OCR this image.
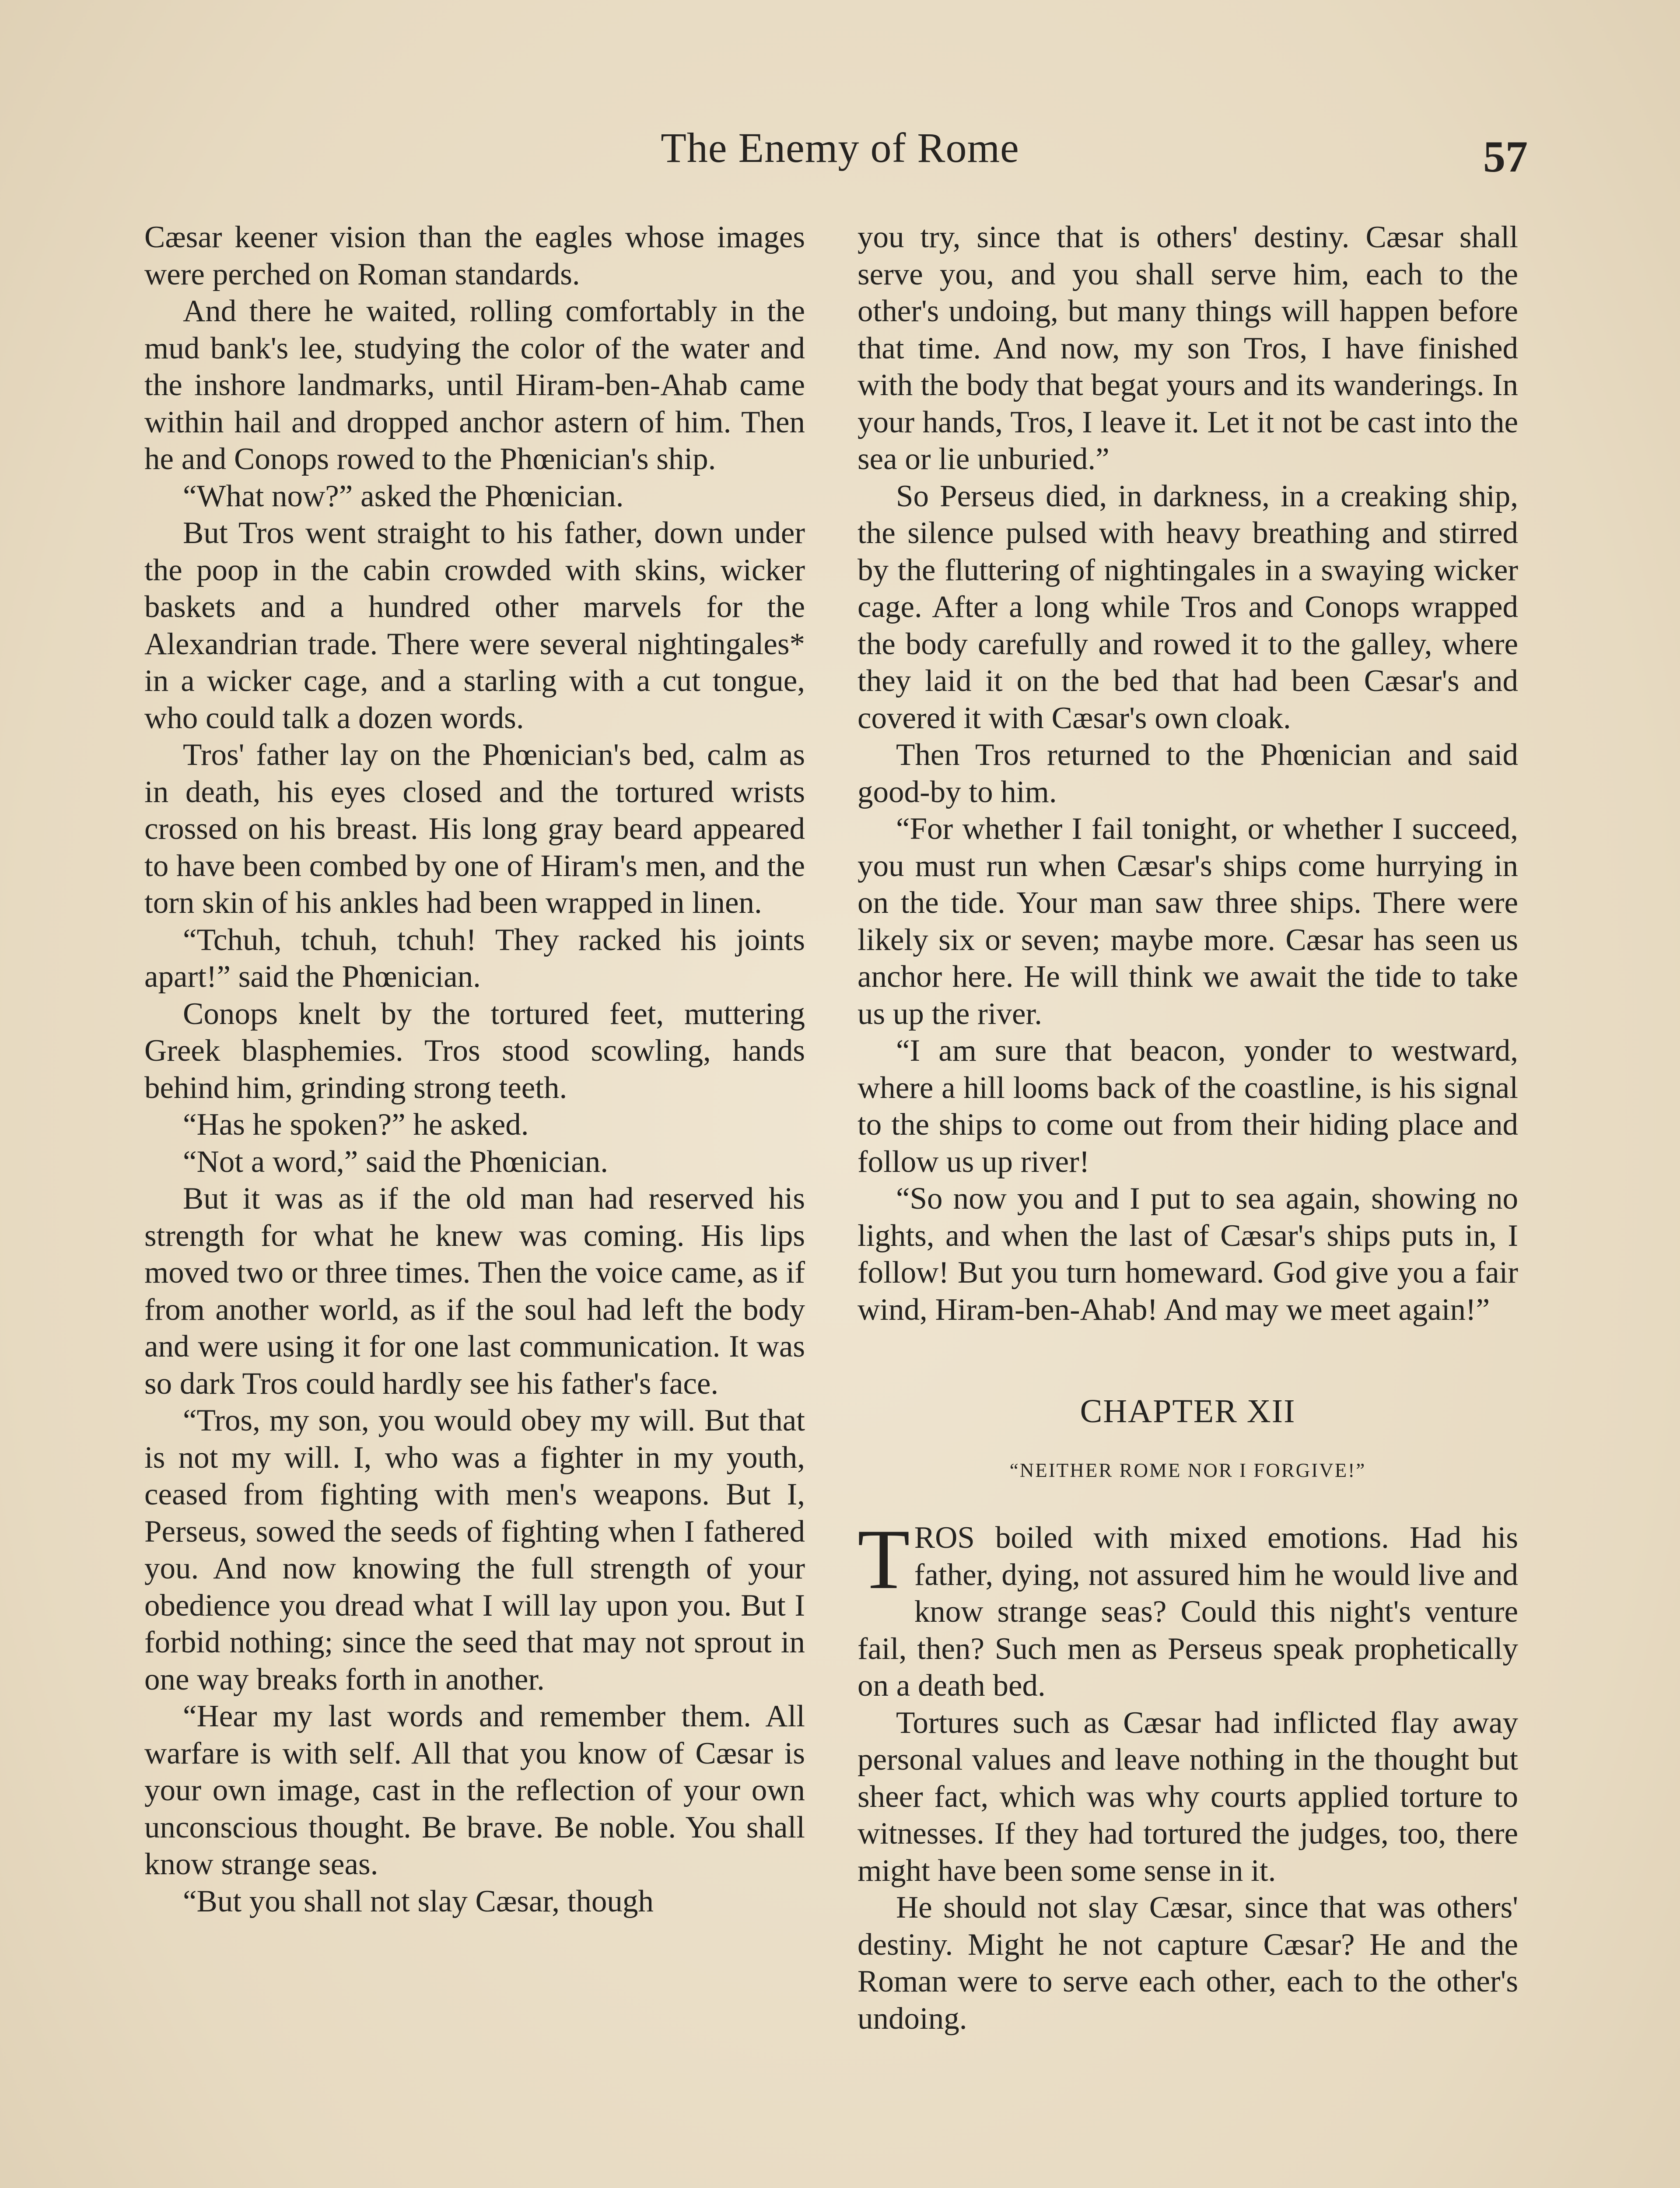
The Enemy of Rome	57

Cæsar keener vision than the eagles whose images were perched on Roman standards.

And there he waited, rolling comfortably in the mud bank's lee, studying the color of the water and the inshore landmarks, until Hiram-ben-Ahab came within hail and dropped anchor astern of him. Then he and Conops rowed to the Phœnician's ship.

“What now?” asked the Phœnician.

But Tros went straight to his father, down under the poop in the cabin crowded with skins, wicker baskets and a hundred other marvels for the Alexandrian trade. There were several nightingales* in a wicker cage, and a starling with a cut tongue, who could talk a dozen words.

Tros' father lay on the Phœnician's bed, calm as in death, his eyes closed and the tortured wrists crossed on his breast. His long gray beard appeared to have been combed by one of Hiram's men, and the torn skin of his ankles had been wrapped in linen.

“Tchuh, tchuh, tchuh! They racked his joints apart!” said the Phœnician.

Conops knelt by the tortured feet, muttering Greek blasphemies. Tros stood scowling, hands behind him, grinding strong teeth.

“Has he spoken?” he asked.

“Not a word,” said the Phœnician.

But it was as if the old man had reserved his strength for what he knew was coming. His lips moved two or three times. Then the voice came, as if from another world, as if the soul had left the body and were using it for one last communication. It was so dark Tros could hardly see his father's face.

“Tros, my son, you would obey my will. But that is not my will. I, who was a fighter in my youth, ceased from fighting with men's weapons. But I, Perseus, sowed the seeds of fighting when I fathered you. And now knowing the full strength of your obedience you dread what I will lay upon you. But I forbid nothing; since the seed that may not sprout in one way breaks forth in another.

“Hear my last words and remember them. All warfare is with self. All that you know of Cæsar is your own image, cast in the reflection of your own unconscious thought. Be brave. Be noble. You shall know strange seas.

“But you shall not slay Cæsar, though

you try, since that is others' destiny. Cæsar shall serve you, and you shall serve him, each to the other's undoing, but many things will happen before that time. And now, my son Tros, I have finished with the body that begat yours and its wanderings. In your hands, Tros, I leave it. Let it not be cast into the sea or lie unburied.”

So Perseus died, in darkness, in a creaking ship, the silence pulsed with heavy breathing and stirred by the fluttering of nightingales in a swaying wicker cage. After a long while Tros and Conops wrapped the body carefully and rowed it to the galley, where they laid it on the bed that had been Cæsar's and covered it with Cæsar's own cloak.

Then Tros returned to the Phœnician and said good-by to him.

“For whether I fail tonight, or whether I succeed, you must run when Cæsar's ships come hurrying in on the tide. Your man saw three ships. There were likely six or seven; maybe more. Cæsar has seen us anchor here. He will think we await the tide to take us up the river.

“I am sure that beacon, yonder to westward, where a hill looms back of the coastline, is his signal to the ships to come out from their hiding place and follow us up river!

“So now you and I put to sea again, showing no lights, and when the last of Cæsar's ships puts in, I follow! But you turn homeward. God give you a fair wind, Hiram-ben-Ahab! And may we meet again!”

CHAPTER XII
“NEITHER ROME NOR I FORGIVE!”

TROS boiled with mixed emotions. Had his father, dying, not assured him he would live and know strange seas? Could this night's venture fail, then? Such men as Perseus speak prophetically on a death bed.

Tortures such as Cæsar had inflicted flay away personal values and leave nothing in the thought but sheer fact, which was why courts applied torture to witnesses. If they had tortured the judges, too, there might have been some sense in it.

He should not slay Cæsar, since that was others' destiny. Might he not capture Cæsar? He and the Roman were to serve each other, each to the other's undoing.
